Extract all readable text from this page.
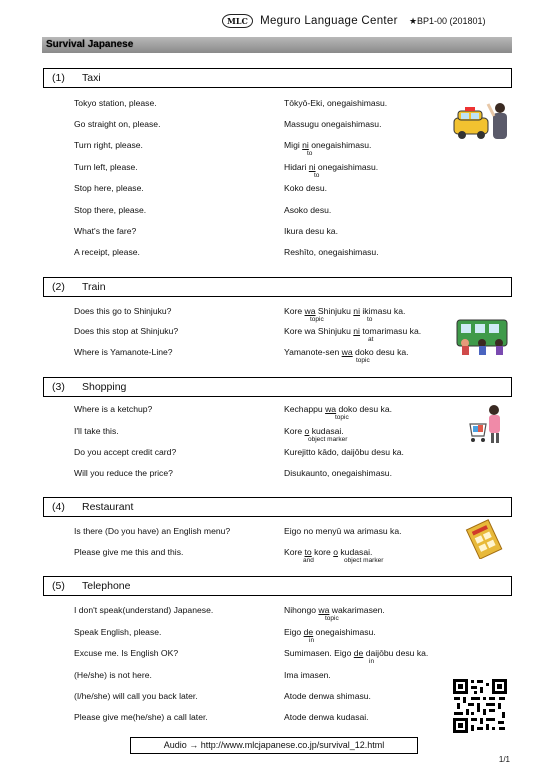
MLC Meguro Language Center ★BP1-00 (201801)
Survival Japanese
(1) Taxi
(2) Train
(3) Shopping
(4) Restaurant
(5) Telephone
Tokyo station, please.	Tōkyō-Eki, onegaishimasu.
Go straight on, please.	Massugu onegaishimasu.
Turn right, please.	Migi ni onegaishimasu.
to
Turn left, please.	Hidari ni onegaishimasu.
to
Stop here, please.	Koko desu.
Stop there, please.	Asoko desu.
What's the fare?	Ikura desu ka.
A receipt, please.	Reshīto, onegaishimasu.
Does this go to Shinjuku?	Kore wa Shinjuku ni ikimasu ka.
topic	to
Does this stop at Shinjuku?	Kore wa Shinjuku ni tomarimasu ka.
at
Where is Yamanote-Line?	Yamanote-sen wa doko desu ka.
topic
Where is a ketchup?	Kechappu wa doko desu ka.
topic
I'll take this.	Kore o kudasai.
object marker
Do you accept credit card?	Kurejitto kādo, daijōbu desu ka.
Will you reduce the price?	Disukaunto, onegaishimasu.
Is there (Do you have) an English menu?	Eigo no menyū wa arimasu ka.
Please give me this and this.	Kore to kore o kudasai.
and	object marker
I don't speak(understand) Japanese.	Nihongo wa wakarimasen.
topic
Speak English, please.	Eigo de onegaishimasu.
in
Excuse me. Is English OK?	Sumimasen. Eigo de daijōbu desu ka.
in
(He/she) is not here.	Ima imasen.
(I/he/she) will call you back later.	Atode denwa shimasu.
Please give me(he/she) a call later.	Atode denwa kudasai.
Audio → http://www.mlcjapanese.co.jp/survival_12.html
1/1
